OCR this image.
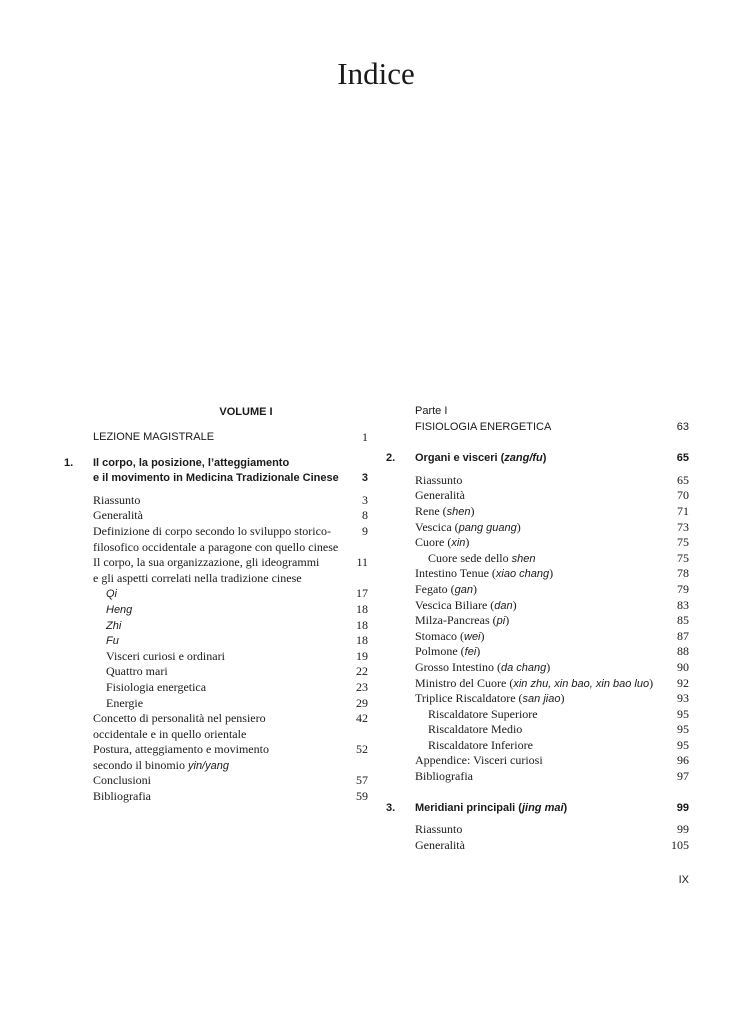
Indice
VOLUME I
LEZIONE MAGISTRALE	1
1. Il corpo, la posizione, l’atteggiamento
e il movimento in Medicina Tradizionale Cinese	3
Riassunto	3
Generalità	8
Definizione di corpo secondo lo sviluppo storico-	9
filosofico occidentale a paragone con quello cinese
Il corpo, la sua organizzazione, gli ideogrammi	11
e gli aspetti correlati nella tradizione cinese
Qi	17
Heng	18
Zhi	18
Fu	18
Visceri curiosi e ordinari	19
Quattro mari	22
Fisiologia energetica	23
Energie	29
Concetto di personalità nel pensiero	42
occidentale e in quello orientale
Postura, atteggiamento e movimento	52
secondo il binomio yin/yang
Conclusioni	57
Bibliografia	59
Parte I
FISIOLOGIA ENERGETICA	63
2. Organi e visceri (zang/fu)	65
Riassunto	65
Generalità	70
Rene (shen)	71
Vescica (pang guang)	73
Cuore (xin)	75
Cuore sede dello shen	75
Intestino Tenue (xiao chang)	78
Fegato (gan)	79
Vescica Biliare (dan)	83
Milza-Pancreas (pi)	85
Stomaco (wei)	87
Polmone (fei)	88
Grosso Intestino (da chang)	90
Ministro del Cuore (xin zhu, xin bao, xin bao luo)	92
Triplice Riscaldatore (san jiao)	93
Riscaldatore Superiore	95
Riscaldatore Medio	95
Riscaldatore Inferiore	95
Appendice: Visceri curiosi	96
Bibliografia	97
3. Meridiani principali (jing mai)	99
Riassunto	99
Generalità	105
IX
